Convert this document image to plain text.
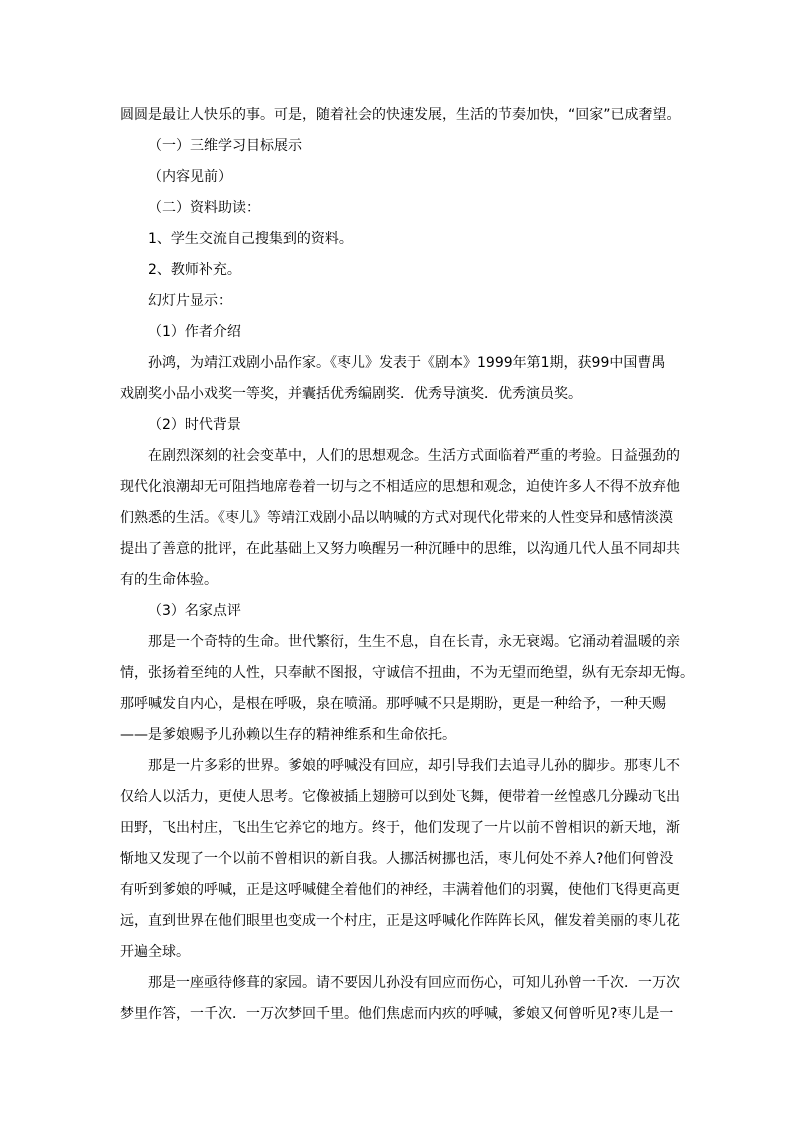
圆圆是最让人快乐的事。可是，随着社会的快速发展，生活的节奏加快，“回家”已成奢望。
（一）三维学习目标展示
（内容见前）
（二）资料助读：
1、学生交流自己搜集到的资料。
2、教师补充。
幻灯片显示：
（1）作者介绍
孙鸿，为靖江戏剧小品作家。《枣儿》发表于《剧本》1999年第1期，获99中国曹禺
戏剧奖小品小戏奖一等奖，并囊括优秀编剧奖．优秀导演奖．优秀演员奖。
（2）时代背景
在剧烈深刻的社会变革中，人们的思想观念。生活方式面临着严重的考验。日益强劲的
现代化浪潮却无可阻挡地席卷着一切与之不相适应的思想和观念，迫使许多人不得不放弃他
们熟悉的生活。《枣儿》等靖江戏剧小品以呐喊的方式对现代化带来的人性变异和感情淡漠
提出了善意的批评，在此基础上又努力唤醒另一种沉睡中的思维，以沟通几代人虽不同却共
有的生命体验。
（3）名家点评
那是一个奇特的生命。世代繁衍，生生不息，自在长青，永无衰竭。它涌动着温暖的亲
情，张扬着至纯的人性，只奉献不图报，守诚信不扭曲，不为无望而绝望，纵有无奈却无悔。
那呼喊发自内心，是根在呼吸，泉在喷涌。那呼喊不只是期盼，更是一种给予，一种天赐
——是爹娘赐予儿孙赖以生存的精神维系和生命依托。
那是一片多彩的世界。爹娘的呼喊没有回应，却引导我们去追寻儿孙的脚步。那枣儿不
仅给人以活力，更使人思考。它像被插上翅膀可以到处飞舞，便带着一丝惶惑几分躁动飞出
田野，飞出村庄，飞出生它养它的地方。终于，他们发现了一片以前不曾相识的新天地，渐
惭地又发现了一个以前不曾相识的新自我。人挪活树挪也活，枣儿何处不养人?他们何曾没
有听到爹娘的呼喊，正是这呼喊健全着他们的神经，丰满着他们的羽翼，使他们飞得更高更
远，直到世界在他们眼里也变成一个村庄，正是这呼喊化作阵阵长风，催发着美丽的枣儿花
开遍全球。
那是一座亟待修葺的家园。请不要因儿孙没有回应而伤心，可知儿孙曾一千次．一万次
梦里作答，一千次．一万次梦回千里。他们焦虑而内疚的呼喊，爹娘又何曾听见?枣儿是一
